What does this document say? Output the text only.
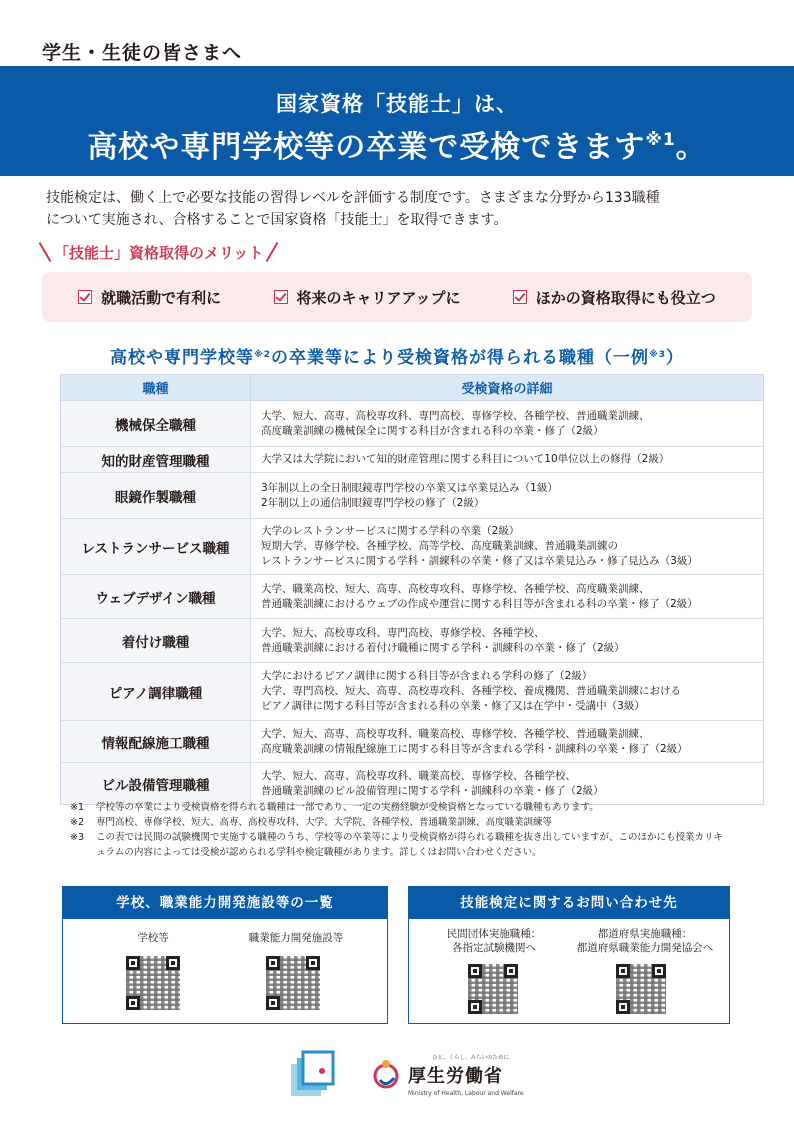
学生・生徒の皆さまへ
国家資格「技能士」は、
高校や専門学校等の卒業で受検できます$^{※1}$。
技能検定は、働く上で必要な技能の習得レベルを評価する制度です。さまざまな分野から133職種
について実施され、合格することで国家資格「技能士」を取得できます。
「技能士」資格取得のメリット
就職活動で有利に	将来のキャリアアップに	ほかの資格取得にも役立つ
高校や専門学校等$^{※2}$の卒業等により受検資格が得られる職種（一例$^{※3}$）
職種	受検資格の詳細
機械保全職種	大学、短大、高専、高校専攻科、専門高校、専修学校、各種学校、普通職業訓練、
高度職業訓練の機械保全に関する科目が含まれる科の卒業・修了（2級）

知的財産管理職種	大学又は大学院において知的財産管理に関する科目について10単位以上の修得（2級）

眼鏡作製職種	3年制以上の全日制眼鏡専門学校の卒業又は卒業見込み（1級）
2年制以上の通信制眼鏡専門学校の修了（2級）

レストランサービス職種	大学のレストランサービスに関する学科の卒業（2級）
短期大学、専修学校、各種学校、高等学校、高度職業訓練、普通職業訓練の
レストランサービスに関する学科・訓練科の卒業・修了又は卒業見込み・修了見込み（3級）

ウェブデザイン職種	大学、職業高校、短大、高専、高校専攻科、専修学校、各種学校、高度職業訓練、
普通職業訓練におけるウェブの作成や運営に関する科目等が含まれる科の卒業・修了（2級）

着付け職種	大学、短大、高校専攻科、専門高校、専修学校、各種学校、
普通職業訓練における着付け職種に関する学科・訓練科の卒業・修了（2級）

ピアノ調律職種	大学におけるピアノ調律に関する科目等が含まれる学科の修了（2級）
大学、専門高校、短大、高専、高校専攻科、各種学校、養成機関、普通職業訓練における
ピアノ調律に関する科目等が含まれる科の卒業・修了又は在学中・受講中（3級）

情報配線施工職種	大学、短大、高専、高校専攻科、職業高校、専修学校、各種学校、普通職業訓練、
高度職業訓練の情報配線施工に関する科目等が含まれる学科・訓練科の卒業・修了（2級）

ビル設備管理職種	大学、短大、高専、高校専攻科、職業高校、専修学校、各種学校、
普通職業訓練のビル設備管理に関する学科・訓練科の卒業・修了（2級）
※1	学校等の卒業により受検資格を得られる職種は一部であり、一定の実務経験が受検資格となっている職種もあります。
※2	専門高校、専修学校、短大、高専、高校専攻科、大学、大学院、各種学校、普通職業訓練、高度職業訓練等
※3	この表では民間の試験機関で実施する職種のうち、学校等の卒業等により受検資格が得られる職種を抜き出していますが、このほかにも授業カリキュラムの内容によっては受検が認められる学科や検定職種があります。詳しくはお問い合わせください。
学校、職業能力開発施設等の一覧
学校等	職業能力開発施設等
技能検定に関するお問い合わせ先
民間団体実施職種：
各指定試験機関へ
都道府県実施職種：
都道府県職業能力開発協会へ
ひと、くらし、みらいのために
厚生労働省
Ministry of Health, Labour and Welfare
